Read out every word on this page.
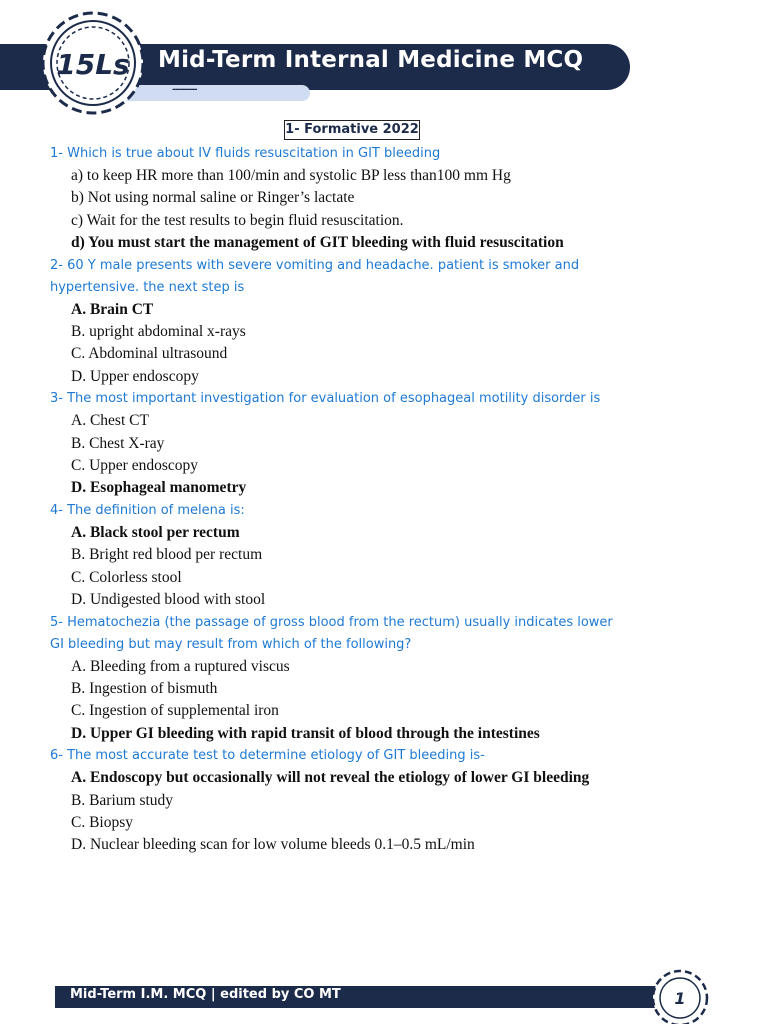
---------
Mid-Term Internal Medicine MCQ
15Ls
1- Formative 2022
1- Which is true about IV fluids resuscitation in GIT bleeding
a) to keep HR more than 100/min and systolic BP less than100 mm Hg
b) Not using normal saline or Ringer’s lactate
c) Wait for the test results to begin fluid resuscitation.
d) You must start the management of GIT bleeding with fluid resuscitation
2- 60 Y male presents with severe vomiting and headache. patient is smoker and
hypertensive. the next step is
A. Brain CT
B. upright abdominal x-rays
C. Abdominal ultrasound
D. Upper endoscopy
3- The most important investigation for evaluation of esophageal motility disorder is
A. Chest CT
B. Chest X-ray
C. Upper endoscopy
D. Esophageal manometry
4- The definition of melena is:
A. Black stool per rectum
B. Bright red blood per rectum
C. Colorless stool
D. Undigested blood with stool
5- Hematochezia (the passage of gross blood from the rectum) usually indicates lower
GI bleeding but may result from which of the following?
A. Bleeding from a ruptured viscus
B. Ingestion of bismuth
C. Ingestion of supplemental iron
D. Upper GI bleeding with rapid transit of blood through the intestines
6- The most accurate test to determine etiology of GIT bleeding is-
A. Endoscopy but occasionally will not reveal the etiology of lower GI bleeding
B. Barium study
C. Biopsy
D. Nuclear bleeding scan for low volume bleeds 0.1–0.5 mL/min
Mid-Term I.M. MCQ | edited by CO MT	1
